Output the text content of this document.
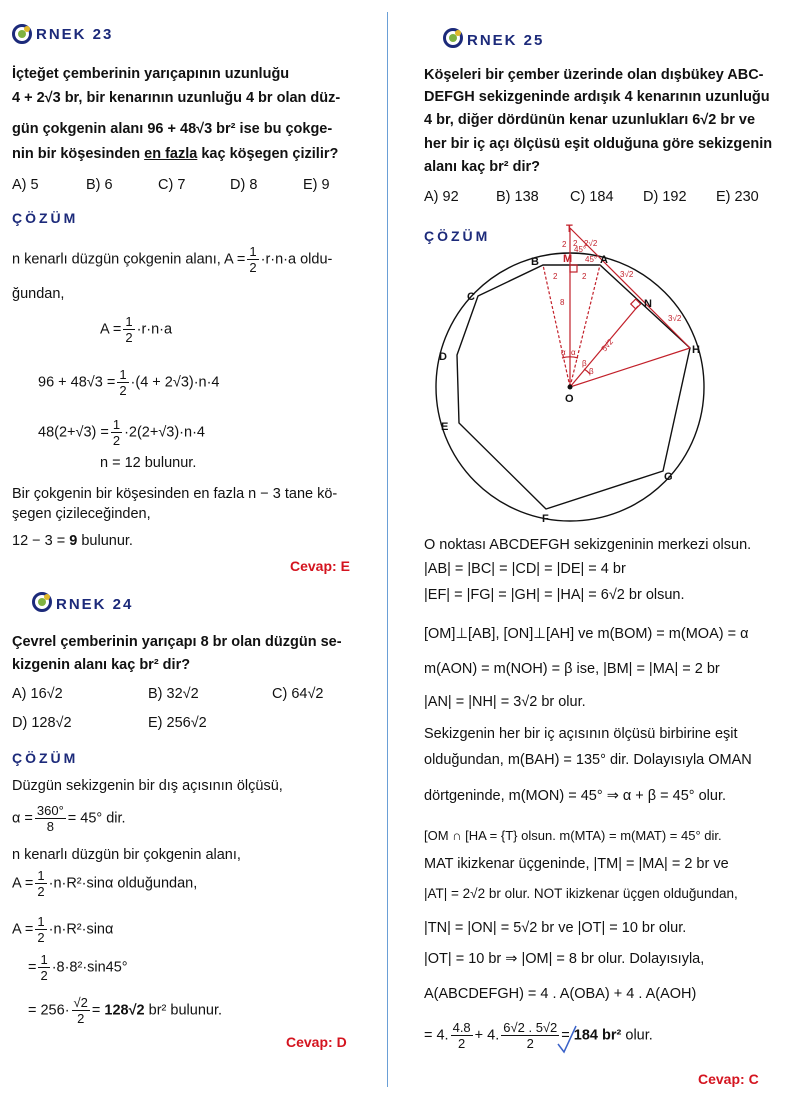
RNEK 23
İçteğet çemberinin yarıçapının uzunluğu
4 + 2√3 br, bir kenarının uzunluğu 4 br olan düz-
gün çokgenin alanı 96 + 48√3 br² ise bu çokge-
nin bir köşesinden en fazla kaç köşegen çizilir?
A) 5	B) 6	C) 7	D) 8	E) 9
ÇÖZÜM
n kenarlı düzgün çokgenin alanı, $A = \frac{1}{2} \cdot r\cdot n\cdot a$ oldu-
ğundan,
$A = \frac{1}{2} \cdot r\cdot n\cdot a$
$96 + 48√3 = \frac{1}{2} \cdot(4 + 2√3)\cdot n\cdot 4$
$48(2+√3) = \frac{1}{2} \cdot 2(2+√3)\cdot n\cdot 4$
n = 12 bulunur.
Bir çokgenin bir köşesinden en fazla n − 3 tane kö-
şegen çizileceğinden,
12 − 3 = 9 bulunur.
Cevap: E
RNEK 24
Çevrel çemberinin yarıçapı 8 br olan düzgün se-
kizgenin alanı kaç br² dir?
A) 16√2	B) 32√2	C) 64√2
D) 128√2	E) 256√2
ÇÖZÜM
Düzgün sekizgenin bir dış açısının ölçüsü,
$\alpha = \frac{360^\circ}{8} = 45^\circ$ dir.
n kenarlı düzgün bir çokgenin alanı,
$A = \frac{1}{2} \cdot n\cdot R^2\cdot\sin\alpha$ olduğundan,
$A = \frac{1}{2} \cdot n\cdot R^2\cdot\sin\alpha$
= $\frac{1}{2} \cdot 8\cdot 8^2\cdot\sin 45^\circ$
= $256\cdot \frac{√2}{2} = 128√2$ br² bulunur.
Cevap: D
RNEK 25
Köşeleri bir çember üzerinde olan dışbükey ABC-
DEFGH sekizgeninde ardışık 4 kenarının uzunluğu
4 br, diğer dördünün kenar uzunlukları 6√2 br ve
her bir iç açı ölçüsü eşit olduğuna göre sekizgenin
alanı kaç br² dir?
A) 92	B) 138 C) 184 D) 192 E) 230
ÇÖZÜM	T
B M	A
C
D
E
F
G
H
N
O
2 2√2
45°
45°
2	2
2
3√2
3√2
8
5√2
α α
β
β
O noktası ABCDEFGH sekizgeninin merkezi olsun.
|AB| = |BC| = |CD| = |DE| = 4 br
|EF| = |FG| = |GH| = |HA| = 6√2 br olsun.
[OM]⊥[AB], [ON]⊥[AH] ve m(BOM) = m(MOA) = α
m(AON) = m(NOH) = β ise, |BM| = |MA| = 2 br
|AN| = |NH| = 3√2 br olur.
Sekizgenin her bir iç açısının ölçüsü birbirine eşit
olduğundan, m(BAH) = 135° dir. Dolayısıyla OMAN
dörtgeninde, m(MON) = 45° ⇒ α + β = 45° olur.
[OM ∩ [HA = {T} olsun. m(MTA) = m(MAT) = 45° dir.
MAT ikizkenar üçgeninde, |TM| = |MA| = 2 br ve
|AT| = 2√2 br olur. NOT ikizkenar üçgen olduğundan,
|TN| = |ON| = 5√2 br ve |OT| = 10 br olur.
|OT| = 10 br ⇒ |OM| = 8 br olur. Dolayısıyla,
A(ABCDEFGH) = 4 . A(OBA) + 4 . A(AOH)
= 4. $\frac{4.8}{2} + 4$. $\frac{6√2 . 5√2}{2} = 184$ br² olur.
Cevap: C
